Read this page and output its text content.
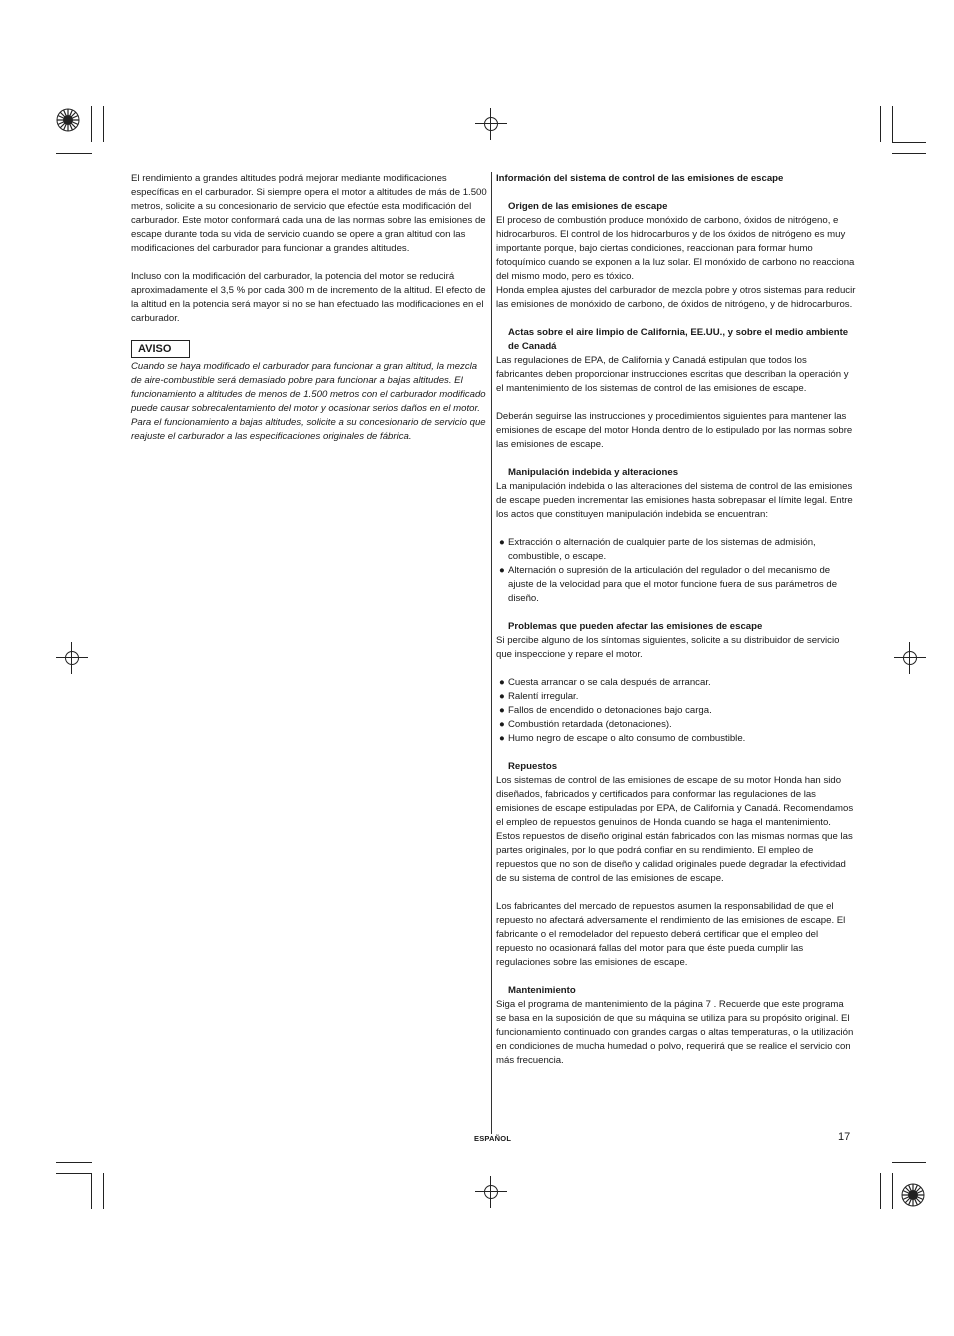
El rendimiento a grandes altitudes podrá mejorar mediante modificaciones específicas en el carburador. Si siempre opera el motor a altitudes de más de 1.500 metros, solicite a su concesionario de servicio que efectúe esta modificación del carburador. Este motor conformará cada una de las normas sobre las emisiones de escape durante toda su vida de servicio cuando se opere a gran altitud con las modificaciones del carburador para funcionar a grandes altitudes.

Incluso con la modificación del carburador, la potencia del motor se reducirá aproximadamente el 3,5 % por cada 300 m de incremento de la altitud. El efecto de la altitud en la potencia será mayor si no se han efectuado las modificaciones en el carburador.

AVISO

Cuando se haya modificado el carburador para funcionar a gran altitud, la mezcla de aire-combustible será demasiado pobre para funcionar a bajas altitudes. El funcionamiento a altitudes de menos de 1.500 metros con el carburador modificado puede causar sobrecalentamiento del motor y ocasionar serios daños en el motor. Para el funcionamiento a bajas altitudes, solicite a su concesionario de servicio que reajuste el carburador a las especificaciones originales de fábrica.

Información del sistema de control de las emisiones de escape

Origen de las emisiones de escape

El proceso de combustión produce monóxido de carbono, óxidos de nitrógeno, e hidrocarburos. El control de los hidrocarburos y de los óxidos de nitrógeno es muy importante porque, bajo ciertas condiciones, reaccionan para formar humo fotoquímico cuando se exponen a la luz solar. El monóxido de carbono no reacciona del mismo modo, pero es tóxico.

Honda emplea ajustes del carburador de mezcla pobre y otros sistemas para reducir las emisiones de monóxido de carbono, de óxidos de nitrógeno, y de hidrocarburos.

Actas sobre el aire limpio de California, EE.UU., y sobre el medio ambiente de Canadá

Las regulaciones de EPA, de California y Canadá estipulan que todos los fabricantes deben proporcionar instrucciones escritas que describan la operación y el mantenimiento de los sistemas de control de las emisiones de escape.

Deberán seguirse las instrucciones y procedimientos siguientes para mantener las emisiones de escape del motor Honda dentro de lo estipulado por las normas sobre las emisiones de escape.

Manipulación indebida y alteraciones

La manipulación indebida o las alteraciones del sistema de control de las emisiones de escape pueden incrementar las emisiones hasta sobrepasar el límite legal. Entre los actos que constituyen manipulación indebida se encuentran:

● Extracción o alternación de cualquier parte de los sistemas de admisión, combustible, o escape.
● Alternación o supresión de la articulación del regulador o del mecanismo de ajuste de la velocidad para que el motor funcione fuera de sus parámetros de diseño.

Problemas que pueden afectar las emisiones de escape

Si percibe alguno de los síntomas siguientes, solicite a su distribuidor de servicio que inspeccione y repare el motor.

● Cuesta arrancar o se cala después de arrancar.
● Ralentí irregular.
● Fallos de encendido o detonaciones bajo carga.
● Combustión retardada (detonaciones).
● Humo negro de escape o alto consumo de combustible.

Repuestos

Los sistemas de control de las emisiones de escape de su motor Honda han sido diseñados, fabricados y certificados para conformar las regulaciones de las emisiones de escape estipuladas por EPA, de California y Canadá. Recomendamos el empleo de repuestos genuinos de Honda cuando se haga el mantenimiento. Estos repuestos de diseño original están fabricados con las mismas normas que las partes originales, por lo que podrá confiar en su rendimiento. El empleo de repuestos que no son de diseño y calidad originales puede degradar la efectividad de su sistema de control de las emisiones de escape.

Los fabricantes del mercado de repuestos asumen la responsabilidad de que el repuesto no afectará adversamente el rendimiento de las emisiones de escape. El fabricante o el remodelador del repuesto deberá certificar que el empleo del repuesto no ocasionará fallas del motor para que éste pueda cumplir las regulaciones sobre las emisiones de escape.

Mantenimiento

Siga el programa de mantenimiento de la página 7 . Recuerde que este programa se basa en la suposición de que su máquina se utiliza para su propósito original. El funcionamiento continuado con grandes cargas o altas temperaturas, o la utilización en condiciones de mucha humedad o polvo, requerirá que se realice el servicio con más frecuencia.

ESPAÑOL	17
